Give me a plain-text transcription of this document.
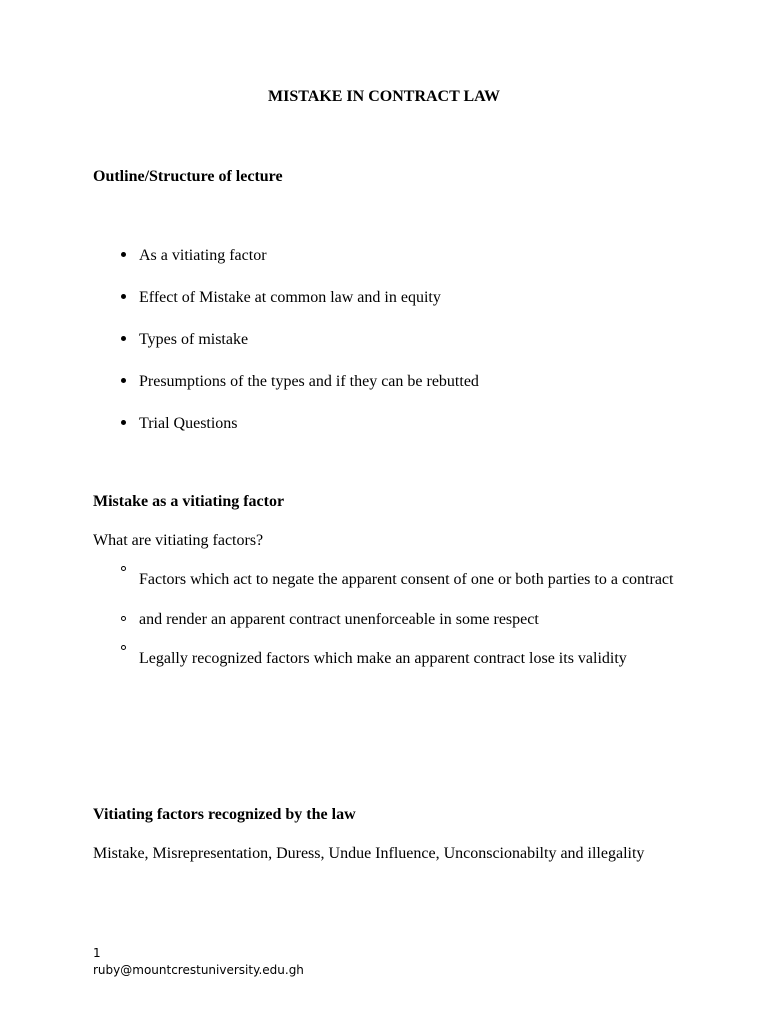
MISTAKE IN CONTRACT LAW
Outline/Structure of lecture
As a vitiating factor
Effect of Mistake at common law and in equity
Types of mistake
Presumptions of the types and if they can be rebutted
Trial Questions
Mistake as a vitiating factor

What are vitiating factors?

Factors which act to negate the apparent consent of one or both parties to a contract
and render an apparent contract unenforceable in some respect
Legally recognized factors which make an apparent contract lose its validity
Vitiating factors recognized by the law

Mistake, Misrepresentation, Duress, Undue Influence, Unconscionabilty and illegality

1
ruby@mountcrestuniversity.edu.gh
